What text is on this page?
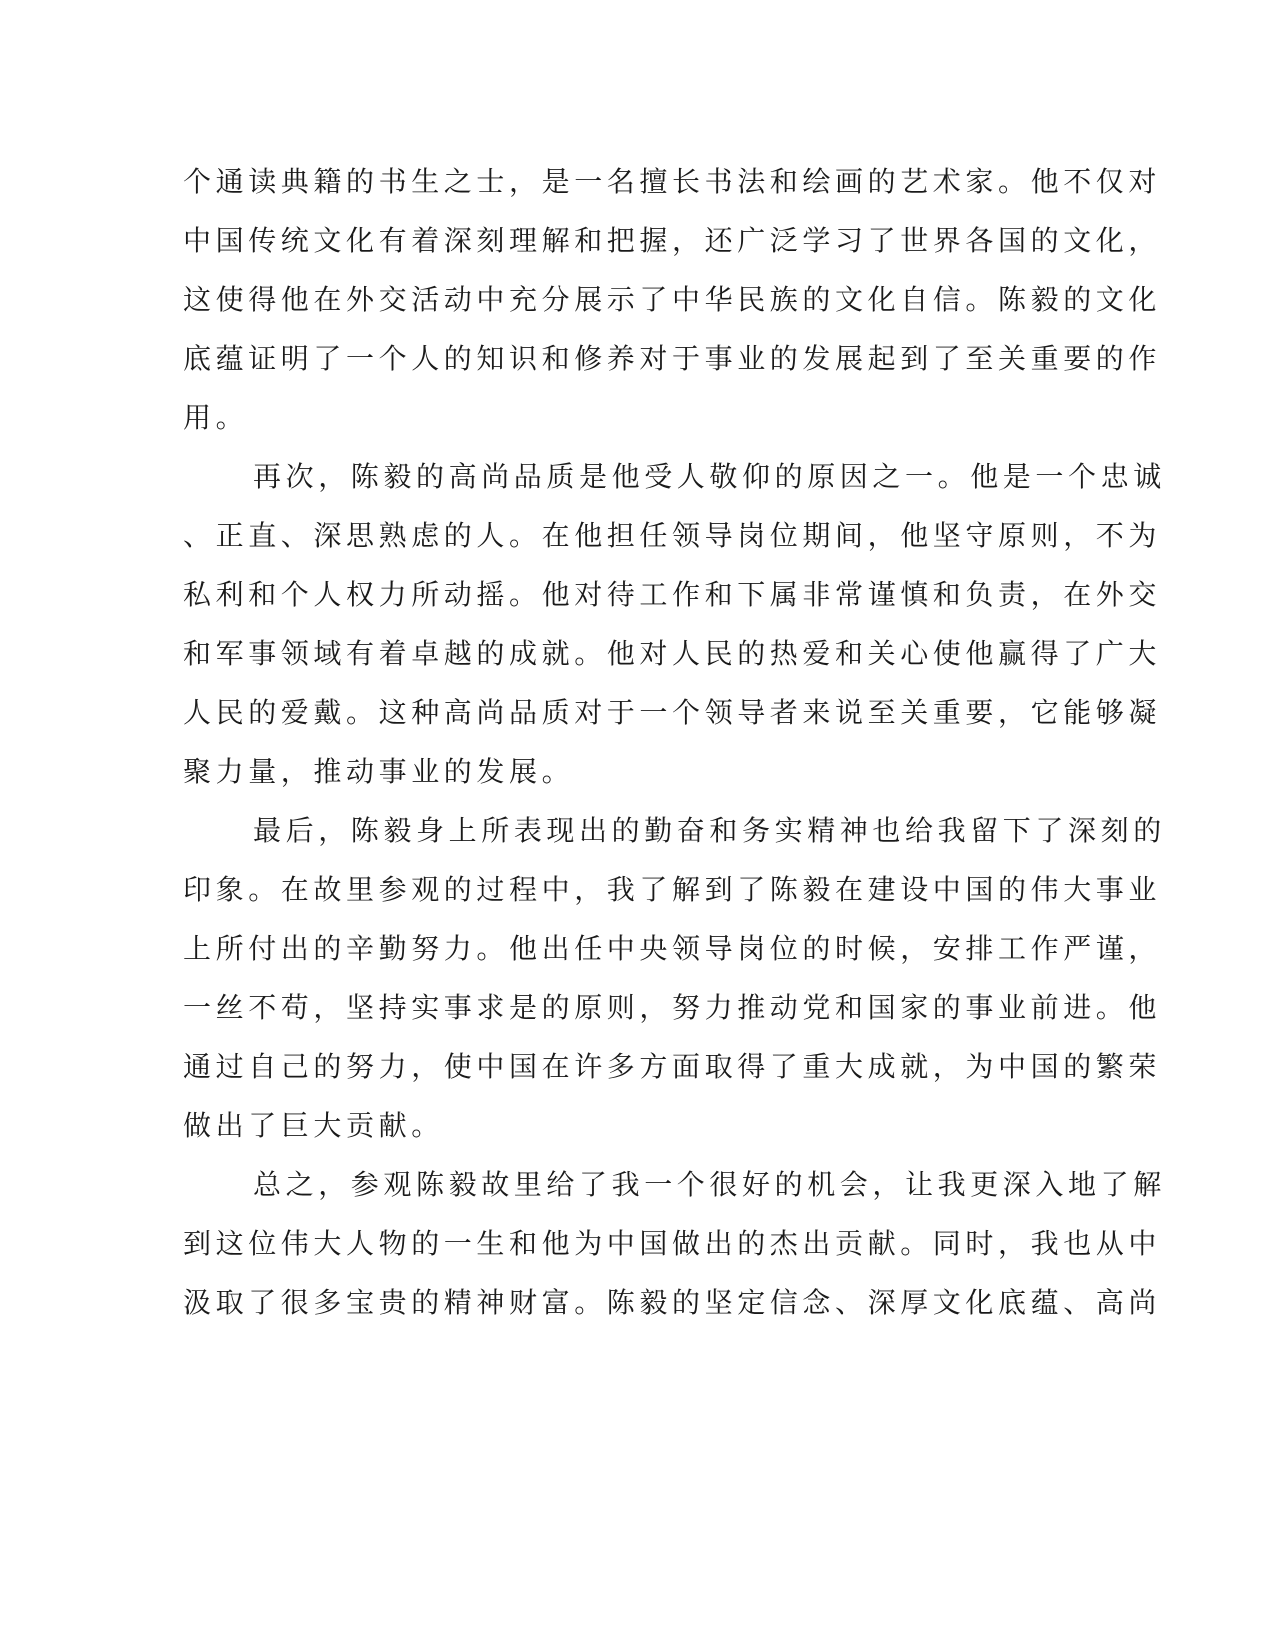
个通读典籍的书生之士，是一名擅长书法和绘画的艺术家。他不仅对
中国传统文化有着深刻理解和把握，还广泛学习了世界各国的文化，
这使得他在外交活动中充分展示了中华民族的文化自信。陈毅的文化
底蕴证明了一个人的知识和修养对于事业的发展起到了至关重要的作
用。
再次，陈毅的高尚品质是他受人敬仰的原因之一。他是一个忠诚
、正直、深思熟虑的人。在他担任领导岗位期间，他坚守原则，不为
私利和个人权力所动摇。他对待工作和下属非常谨慎和负责，在外交
和军事领域有着卓越的成就。他对人民的热爱和关心使他赢得了广大
人民的爱戴。这种高尚品质对于一个领导者来说至关重要，它能够凝
聚力量，推动事业的发展。
最后，陈毅身上所表现出的勤奋和务实精神也给我留下了深刻的
印象。在故里参观的过程中，我了解到了陈毅在建设中国的伟大事业
上所付出的辛勤努力。他出任中央领导岗位的时候，安排工作严谨，
一丝不苟，坚持实事求是的原则，努力推动党和国家的事业前进。他
通过自己的努力，使中国在许多方面取得了重大成就，为中国的繁荣
做出了巨大贡献。
总之，参观陈毅故里给了我一个很好的机会，让我更深入地了解
到这位伟大人物的一生和他为中国做出的杰出贡献。同时，我也从中
汲取了很多宝贵的精神财富。陈毅的坚定信念、深厚文化底蕴、高尚
